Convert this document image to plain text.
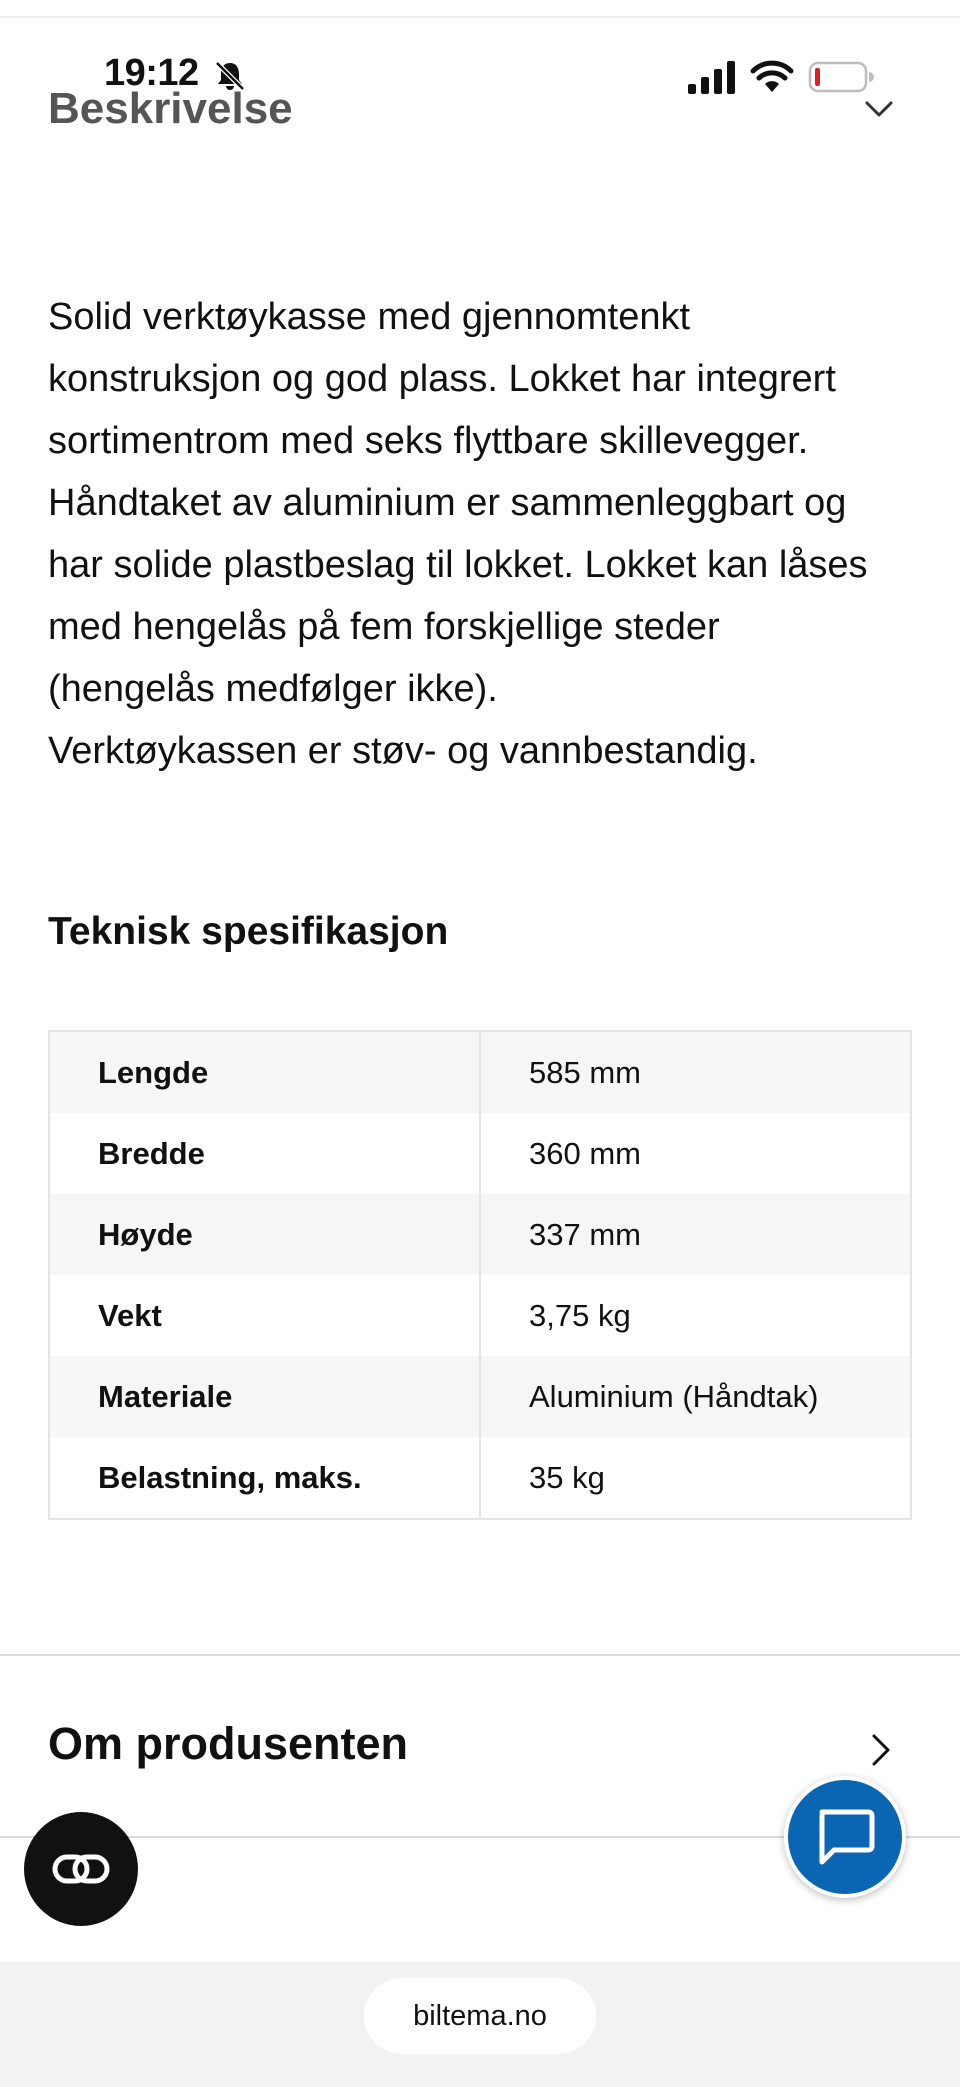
19:12
Beskrivelse
Solid verktøykasse med gjennomtenkt
konstruksjon og god plass. Lokket har integrert
sortimentrom med seks flyttbare skillevegger.
Håndtaket av aluminium er sammenleggbart og
har solide plastbeslag til lokket. Lokket kan låses
med hengelås på fem forskjellige steder
(hengelås medfølger ikke).
Verktøykassen er støv- og vannbestandig.
Teknisk spesifikasjon
Lengde	585 mm
Bredde	360 mm
Høyde	337 mm
Vekt	3,75 kg
Materiale	Aluminium (Håndtak)
Belastning, maks.	35 kg
Om produsenten
biltema.no
